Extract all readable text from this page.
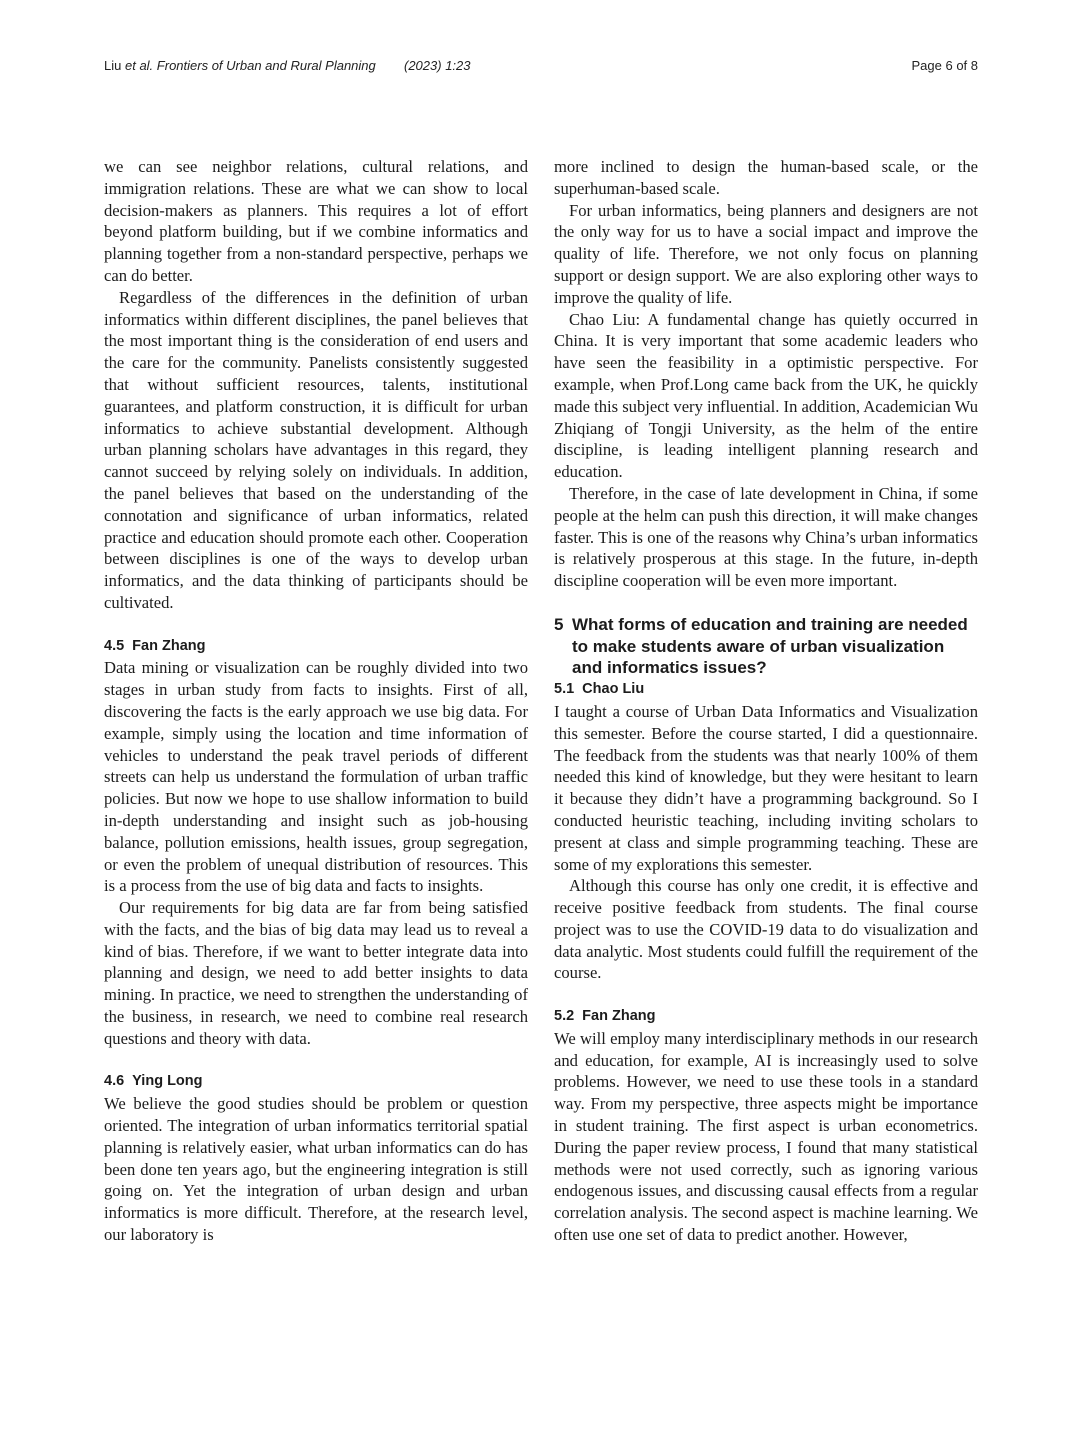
Liu et al. Frontiers of Urban and Rural Planning (2023) 1:23	Page 6 of 8

we can see neighbor relations, cultural relations, and immigration relations. These are what we can show to local decision-makers as planners. This requires a lot of effort beyond platform building, but if we combine informatics and planning together from a non-standard perspective, perhaps we can do better.

Regardless of the differences in the definition of urban informatics within different disciplines, the panel believes that the most important thing is the consideration of end users and the care for the community. Panelists consistently suggested that without sufficient resources, talents, institutional guarantees, and platform construction, it is difficult for urban informatics to achieve substantial development. Although urban planning scholars have advantages in this regard, they cannot succeed by relying solely on individuals. In addition, the panel believes that based on the understanding of the connotation and significance of urban informatics, related practice and education should promote each other. Cooperation between disciplines is one of the ways to develop urban informatics, and the data thinking of participants should be cultivated.

4.5 Fan Zhang

Data mining or visualization can be roughly divided into two stages in urban study from facts to insights. First of all, discovering the facts is the early approach we use big data. For example, simply using the location and time information of vehicles to understand the peak travel periods of different streets can help us understand the formulation of urban traffic policies. But now we hope to use shallow information to build in-depth understanding and insight such as job-housing balance, pollution emissions, health issues, group segregation, or even the problem of unequal distribution of resources. This is a process from the use of big data and facts to insights.

Our requirements for big data are far from being satisfied with the facts, and the bias of big data may lead us to reveal a kind of bias. Therefore, if we want to better integrate data into planning and design, we need to add better insights to data mining. In practice, we need to strengthen the understanding of the business, in research, we need to combine real research questions and theory with data.

4.6 Ying Long

We believe the good studies should be problem or question oriented. The integration of urban informatics territorial spatial planning is relatively easier, what urban informatics can do has been done ten years ago, but the engineering integration is still going on. Yet the integration of urban design and urban informatics is more difficult. Therefore, at the research level, our laboratory is

more inclined to design the human-based scale, or the superhuman-based scale.

For urban informatics, being planners and designers are not the only way for us to have a social impact and improve the quality of life. Therefore, we not only focus on planning support or design support. We are also exploring other ways to improve the quality of life.

Chao Liu: A fundamental change has quietly occurred in China. It is very important that some academic leaders who have seen the feasibility in a optimistic perspective. For example, when Prof.Long came back from the UK, he quickly made this subject very influential. In addition, Academician Wu Zhiqiang of Tongji University, as the helm of the entire discipline, is leading intelligent planning research and education.

Therefore, in the case of late development in China, if some people at the helm can push this direction, it will make changes faster. This is one of the reasons why China’s urban informatics is relatively prosperous at this stage. In the future, in-depth discipline cooperation will be even more important.

5 What forms of education and training are needed to make students aware of urban visualization and informatics issues?
5.1 Chao Liu

I taught a course of Urban Data Informatics and Visualization this semester. Before the course started, I did a questionnaire. The feedback from the students was that nearly 100% of them needed this kind of knowledge, but they were hesitant to learn it because they didn’t have a programming background. So I conducted heuristic teaching, including inviting scholars to present at class and simple programming teaching. These are some of my explorations this semester.

Although this course has only one credit, it is effective and receive positive feedback from students. The final course project was to use the COVID-19 data to do visualization and data analytic. Most students could fulfill the requirement of the course.

5.2 Fan Zhang

We will employ many interdisciplinary methods in our research and education, for example, AI is increasingly used to solve problems. However, we need to use these tools in a standard way. From my perspective, three aspects might be importance in student training. The first aspect is urban econometrics. During the paper review process, I found that many statistical methods were not used correctly, such as ignoring various endogenous issues, and discussing causal effects from a regular correlation analysis. The second aspect is machine learning. We often use one set of data to predict another. However,
